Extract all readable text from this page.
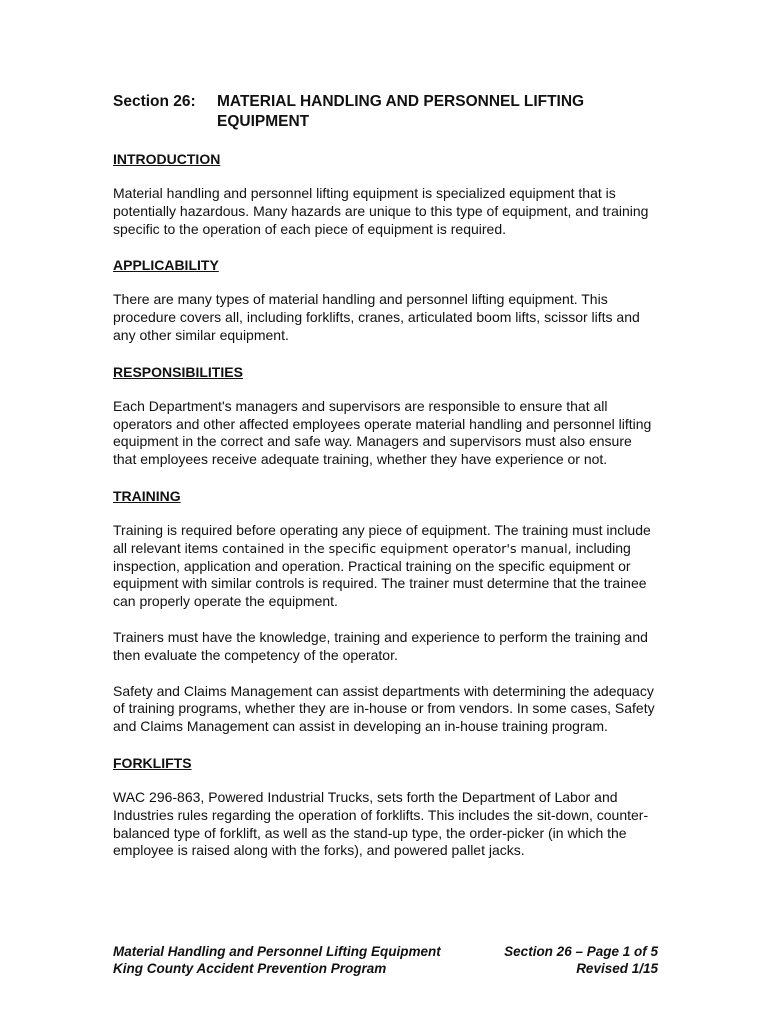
Section 26:	MATERIAL HANDLING AND PERSONNEL LIFTING
EQUIPMENT

INTRODUCTION

Material handling and personnel lifting equipment is specialized equipment that is potentially hazardous. Many hazards are unique to this type of equipment, and training specific to the operation of each piece of equipment is required.

APPLICABILITY

There are many types of material handling and personnel lifting equipment. This procedure covers all, including forklifts, cranes, articulated boom lifts, scissor lifts and any other similar equipment.

RESPONSIBILITIES

Each Department's managers and supervisors are responsible to ensure that all operators and other affected employees operate material handling and personnel lifting equipment in the correct and safe way. Managers and supervisors must also ensure that employees receive adequate training, whether they have experience or not.

TRAINING

Training is required before operating any piece of equipment. The training must include all relevant items contained in the specific equipment operator's manual, including inspection, application and operation. Practical training on the specific equipment or equipment with similar controls is required. The trainer must determine that the trainee can properly operate the equipment.

Trainers must have the knowledge, training and experience to perform the training and then evaluate the competency of the operator.

Safety and Claims Management can assist departments with determining the adequacy of training programs, whether they are in-house or from vendors. In some cases, Safety and Claims Management can assist in developing an in-house training program.

FORKLIFTS

WAC 296-863, Powered Industrial Trucks, sets forth the Department of Labor and Industries rules regarding the operation of forklifts. This includes the sit-down, counter-balanced type of forklift, as well as the stand-up type, the order-picker (in which the employee is raised along with the forks), and powered pallet jacks.

Material Handling and Personnel Lifting Equipment	Section 26 – Page 1 of 5
King County Accident Prevention Program	Revised 1/15
